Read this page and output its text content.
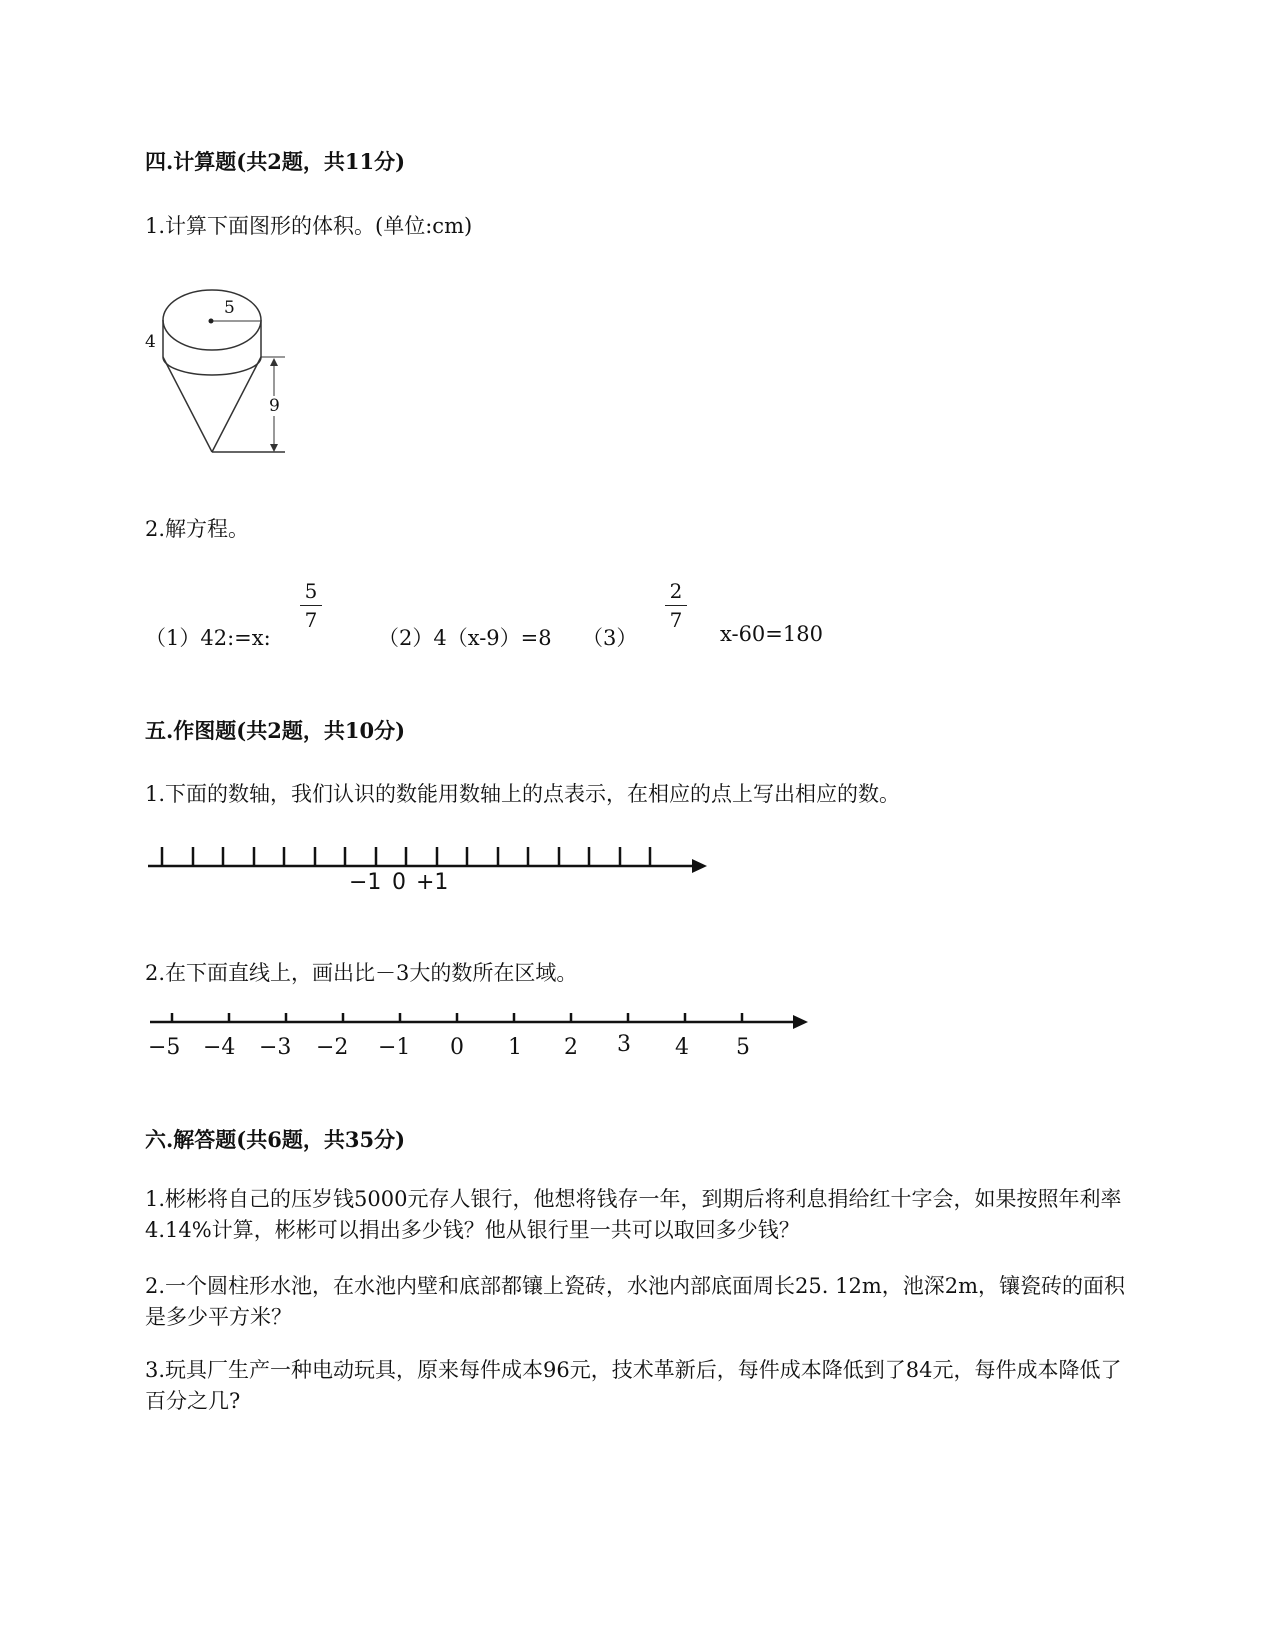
四.计算题(共2题，共11分)
1.计算下面图形的体积。(单位:cm)
5
4
9
2.解方程。
（1）42:=x:
5
7
（2）4（x-9）=8 （3）
2
7
x-60=180
五.作图题(共2题，共10分)
1.下面的数轴，我们认识的数能用数轴上的点表示，在相应的点上写出相应的数。
−1 0 +1
2.在下面直线上，画出比－3大的数所在区域。
−5 −4 −3 −2 −1 0 1 2 3 4 5
六.解答题(共6题，共35分)
1.彬彬将自己的压岁钱5000元存人银行，他想将钱存一年，到期后将利息捐给红十字会，如果按照年利率4.14%计算，彬彬可以捐出多少钱？他从银行里一共可以取回多少钱？
2.一个圆柱形水池，在水池内壁和底部都镶上瓷砖，水池内部底面周长25. 12m，池深2m，镶瓷砖的面积是多少平方米？
3.玩具厂生产一种电动玩具，原来每件成本96元，技术革新后，每件成本降低到了84元，每件成本降低了百分之几?
